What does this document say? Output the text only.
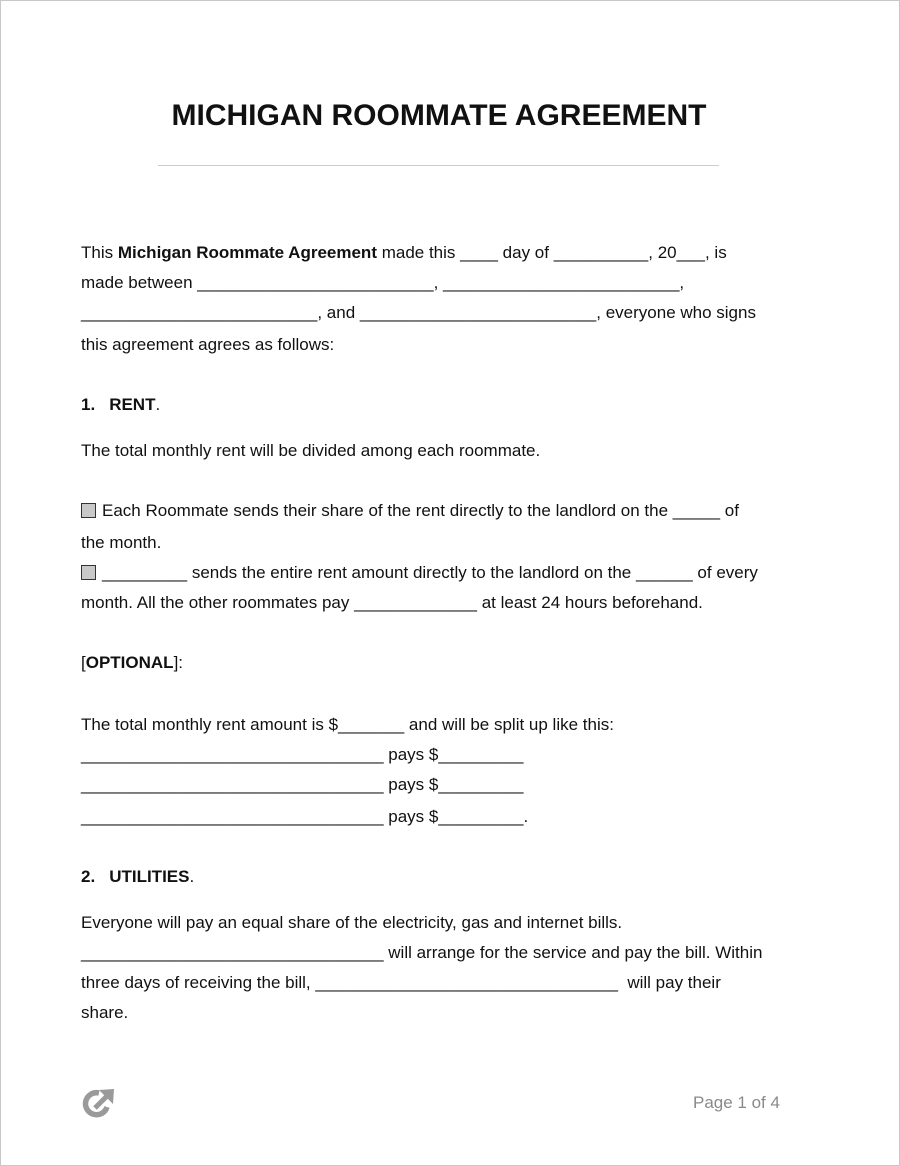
MICHIGAN ROOMMATE AGREEMENT
This Michigan Roommate Agreement made this ____ day of __________, 20___, is
made between _________________________, _________________________,
_________________________, and _________________________, everyone who signs
this agreement agrees as follows:
1. RENT.
The total monthly rent will be divided among each roommate.
Each Roommate sends their share of the rent directly to the landlord on the _____ of
the month.
_________ sends the entire rent amount directly to the landlord on the ______ of every
month. All the other roommates pay _____________ at least 24 hours beforehand.
[OPTIONAL]:
The total monthly rent amount is $_______ and will be split up like this:
________________________________ pays $_________
________________________________ pays $_________
________________________________ pays $_________.
2. UTILITIES.
Everyone will pay an equal share of the electricity, gas and internet bills.
________________________________ will arrange for the service and pay the bill. Within
three days of receiving the bill, ________________________________  will pay their
share.
Page 1 of 4
